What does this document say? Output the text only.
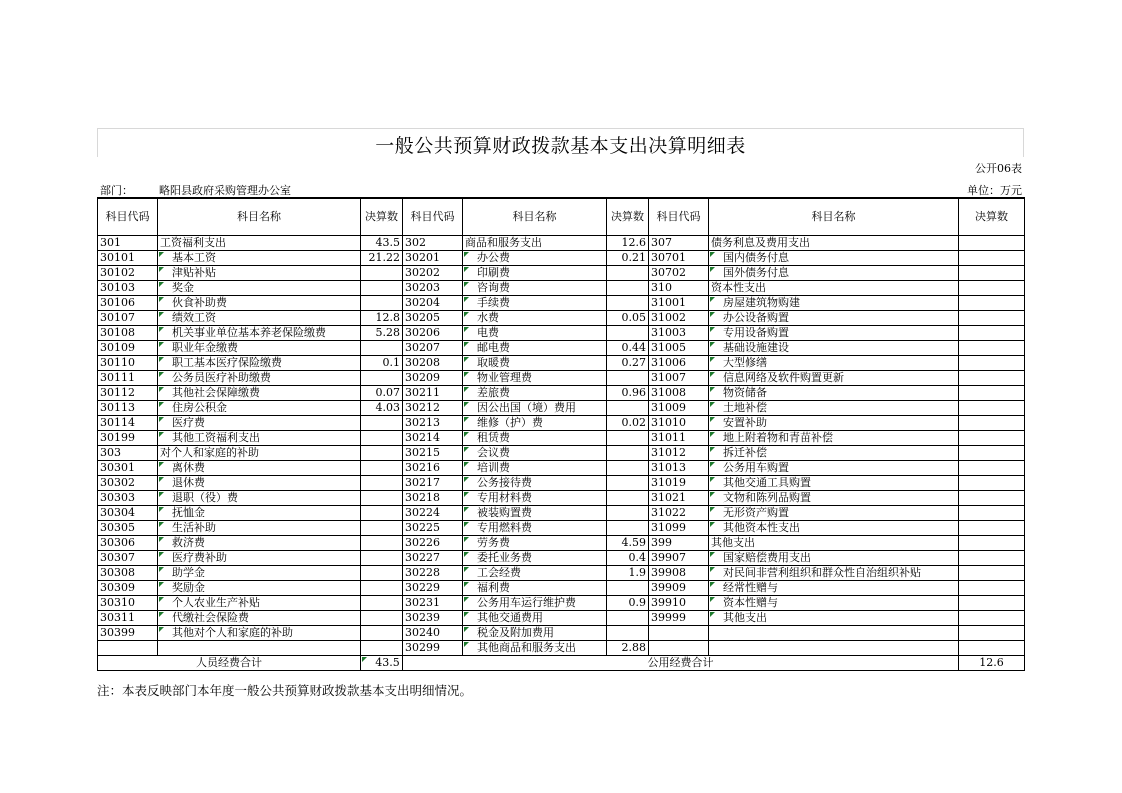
一般公共预算财政拨款基本支出决算明细表
公开06表
部门： 略阳县政府采购管理办公室	单位：万元
科目代码	科目名称	决算数	科目代码	科目名称	决算数	科目代码	科目名称	决算数
301	工资福利支出	43.5	302	商品和服务支出	12.6	307	债务利息及费用支出	
30101	基本工资	21.22	30201	办公费	0.21	30701	国内债务付息	
30102	津贴补贴		30202	印刷费		30702	国外债务付息	
30103	奖金		30203	咨询费		310	资本性支出	
30106	伙食补助费		30204	手续费		31001	房屋建筑物购建	
30107	绩效工资	12.8	30205	水费	0.05	31002	办公设备购置	
30108	机关事业单位基本养老保险缴费	5.28	30206	电费		31003	专用设备购置	
30109	职业年金缴费		30207	邮电费	0.44	31005	基础设施建设	
30110	职工基本医疗保险缴费	0.1	30208	取暖费	0.27	31006	大型修缮	
30111	公务员医疗补助缴费		30209	物业管理费		31007	信息网络及软件购置更新	
30112	其他社会保障缴费	0.07	30211	差旅费	0.96	31008	物资储备	
30113	住房公积金	4.03	30212	因公出国（境）费用		31009	土地补偿	
30114	医疗费		30213	维修（护）费	0.02	31010	安置补助	
30199	其他工资福利支出		30214	租赁费		31011	地上附着物和青苗补偿	
303	对个人和家庭的补助		30215	会议费		31012	拆迁补偿	
30301	离休费		30216	培训费		31013	公务用车购置	
30302	退休费		30217	公务接待费		31019	其他交通工具购置	
30303	退职（役）费		30218	专用材料费		31021	文物和陈列品购置	
30304	抚恤金		30224	被装购置费		31022	无形资产购置	
30305	生活补助		30225	专用燃料费		31099	其他资本性支出	
30306	救济费		30226	劳务费	4.59	399	其他支出	
30307	医疗费补助		30227	委托业务费	0.4	39907	国家赔偿费用支出	
30308	助学金		30228	工会经费	1.9	39908	对民间非营利组织和群众性自治组织补贴	
30309	奖励金		30229	福利费		39909	经常性赠与	
30310	个人农业生产补贴		30231	公务用车运行维护费	0.9	39910	资本性赠与	
30311	代缴社会保险费		30239	其他交通费用		39999	其他支出	
30399	其他对个人和家庭的补助		30240	税金及附加费用				
			30299	其他商品和服务支出	2.88			
人员经费合计		43.5	公用经费合计					12.6
注：本表反映部门本年度一般公共预算财政拨款基本支出明细情况。
